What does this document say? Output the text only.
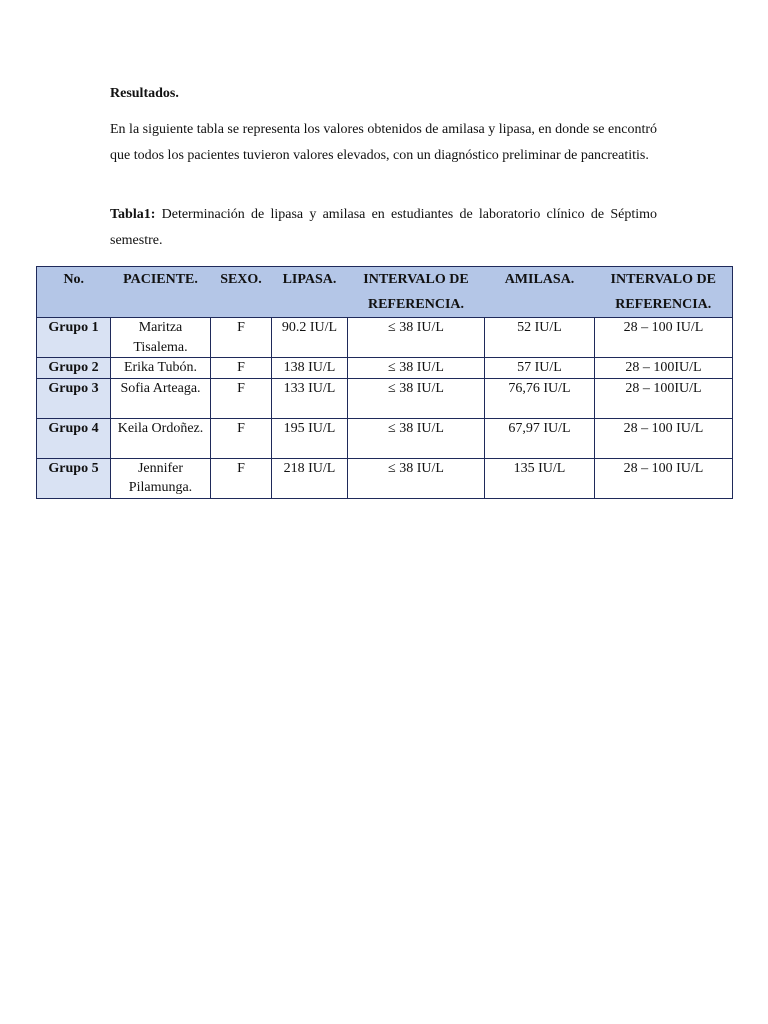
Resultados.
En la siguiente tabla se representa los valores obtenidos de amilasa y lipasa, en donde se encontró que todos los pacientes tuvieron valores elevados, con un diagnóstico preliminar de pancreatitis.
Tabla1: Determinación de lipasa y amilasa en estudiantes de laboratorio clínico de Séptimo semestre.
No.	PACIENTE.	SEXO.	LIPASA.	INTERVALO DE REFERENCIA.	AMILASA.	INTERVALO DE REFERENCIA.
Grupo 1	Maritza Tisalema.	F	90.2 IU/L	≤ 38 IU/L	52 IU/L	28 – 100 IU/L
Grupo 2	Erika Tubón.	F	138 IU/L	≤ 38 IU/L	57 IU/L	28 – 100IU/L
Grupo 3	Sofia Arteaga.	F	133 IU/L	≤ 38 IU/L	76,76 IU/L	28 – 100IU/L
Grupo 4	Keila Ordoñez.	F	195 IU/L	≤ 38 IU/L	67,97 IU/L	28 – 100 IU/L
Grupo 5	Jennifer Pilamunga.	F	218 IU/L	≤ 38 IU/L	135 IU/L	28 – 100 IU/L
